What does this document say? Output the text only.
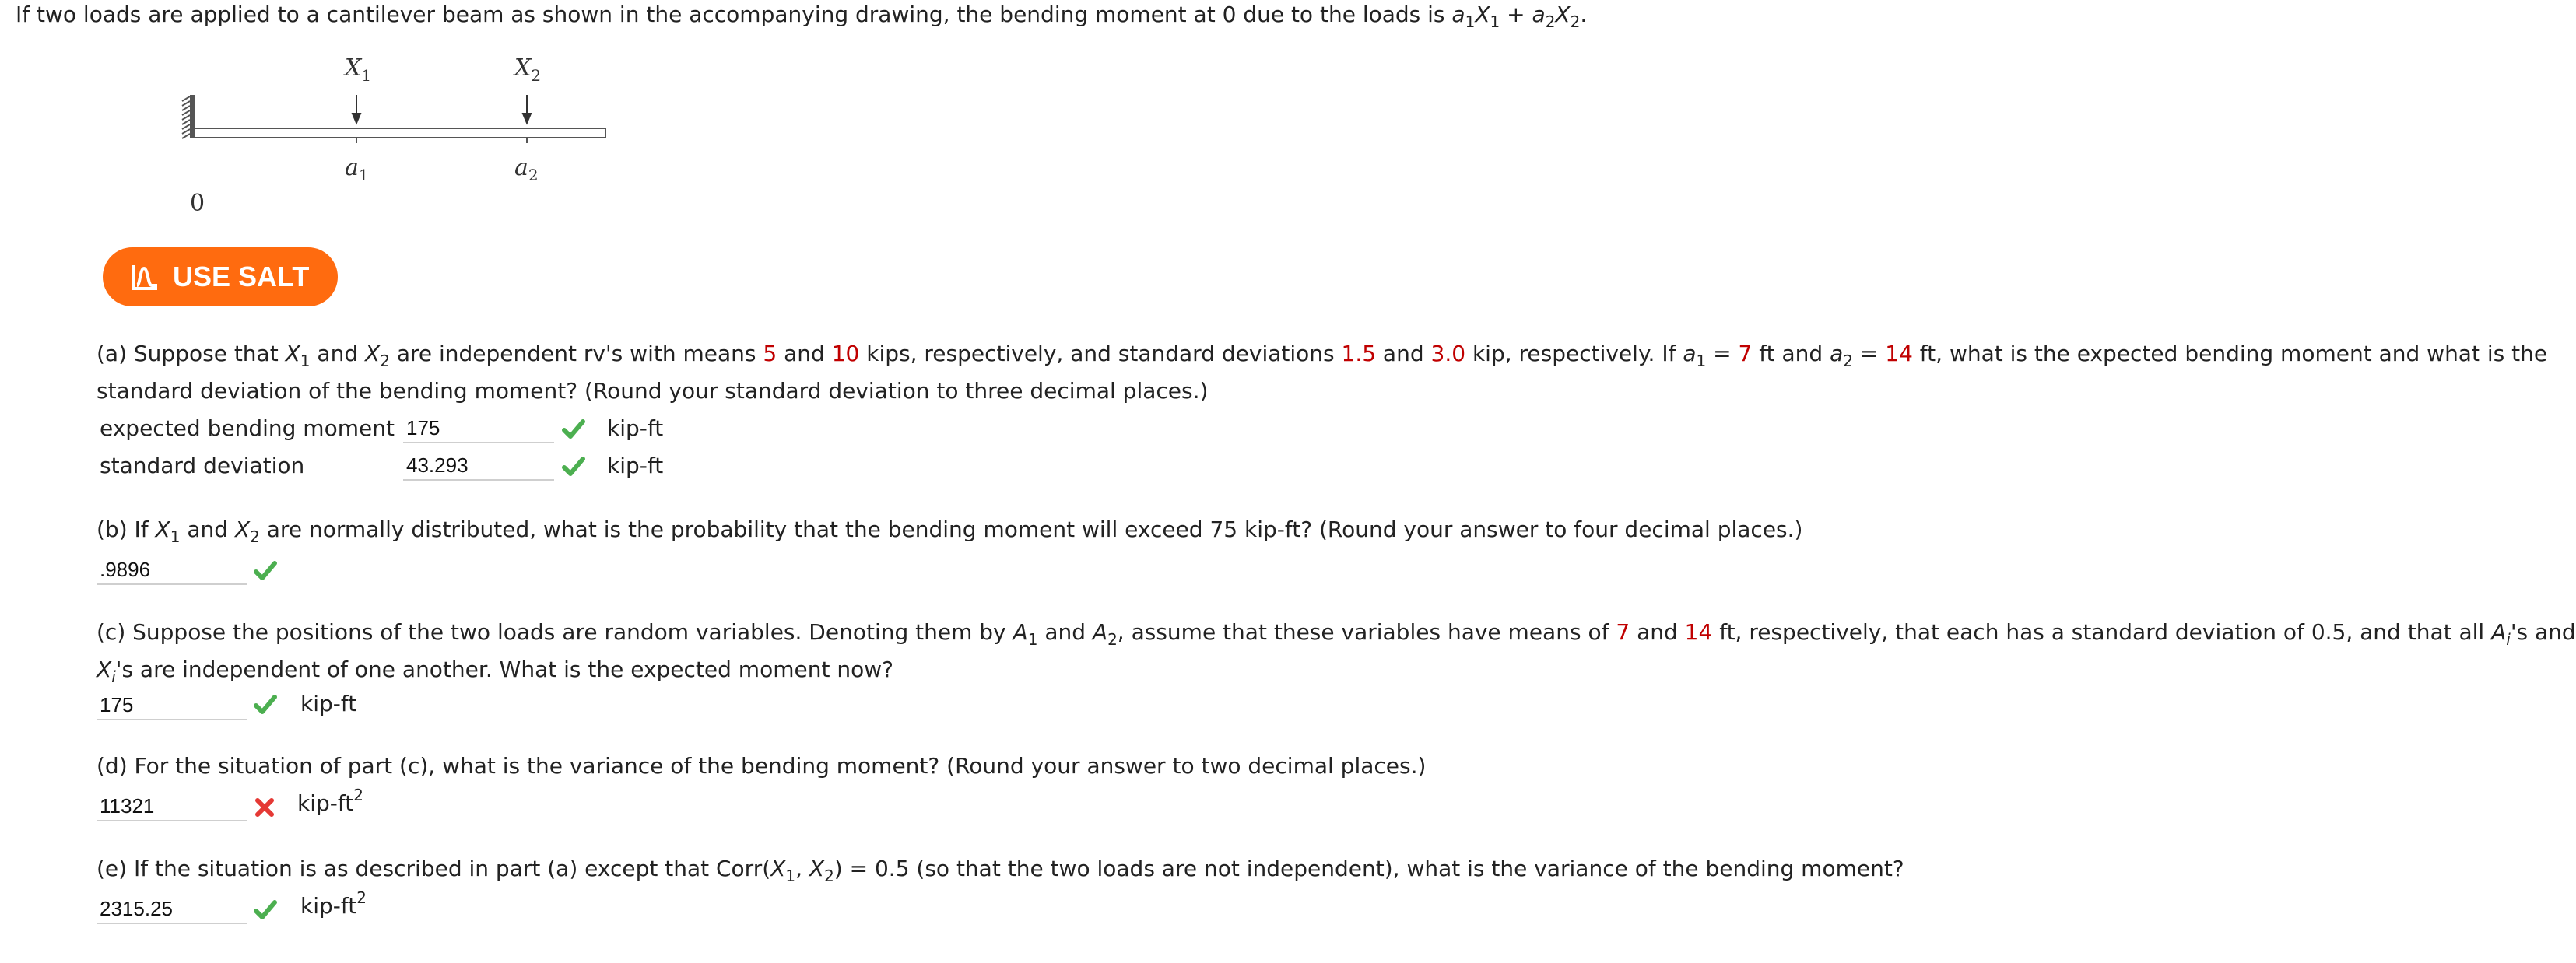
If two loads are applied to a cantilever beam as shown in the accompanying drawing, the bending moment at 0 due to the loads is $a_1X_1 + a_2X_2$.
$X_1$	$X_2$
$a_1$	$a_2$
0
USE SALT
(a) Suppose that $X_1$ and $X_2$ are independent rv's with means 5 and 10 kips, respectively, and standard deviations 1.5 and 3.0 kip, respectively. If $a_1 = 7$ ft and $a_2 = 14$ ft, what is the expected bending moment and what is the
standard deviation of the bending moment? (Round your standard deviation to three decimal places.)
expected bending moment 175	kip-ft
standard deviation	43.293	kip-ft
(b) If $X_1$ and $X_2$ are normally distributed, what is the probability that the bending moment will exceed 75 kip-ft? (Round your answer to four decimal places.)
.9896
(c) Suppose the positions of the two loads are random variables. Denoting them by $A_1$ and $A_2$, assume that these variables have means of 7 and 14 ft, respectively, that each has a standard deviation of 0.5, and that all $A_i's$ and
$X_i's$ are independent of one another. What is the expected moment now?
175	kip-ft
(d) For the situation of part (c), what is the variance of the bending moment? (Round your answer to two decimal places.)
11321	kip-$ft^2$
(e) If the situation is as described in part (a) except that $Corr(X_1$, $X_2) = 0.5$ (so that the two loads are not independent), what is the variance of the bending moment?
2315.25	kip-$ft^2$
